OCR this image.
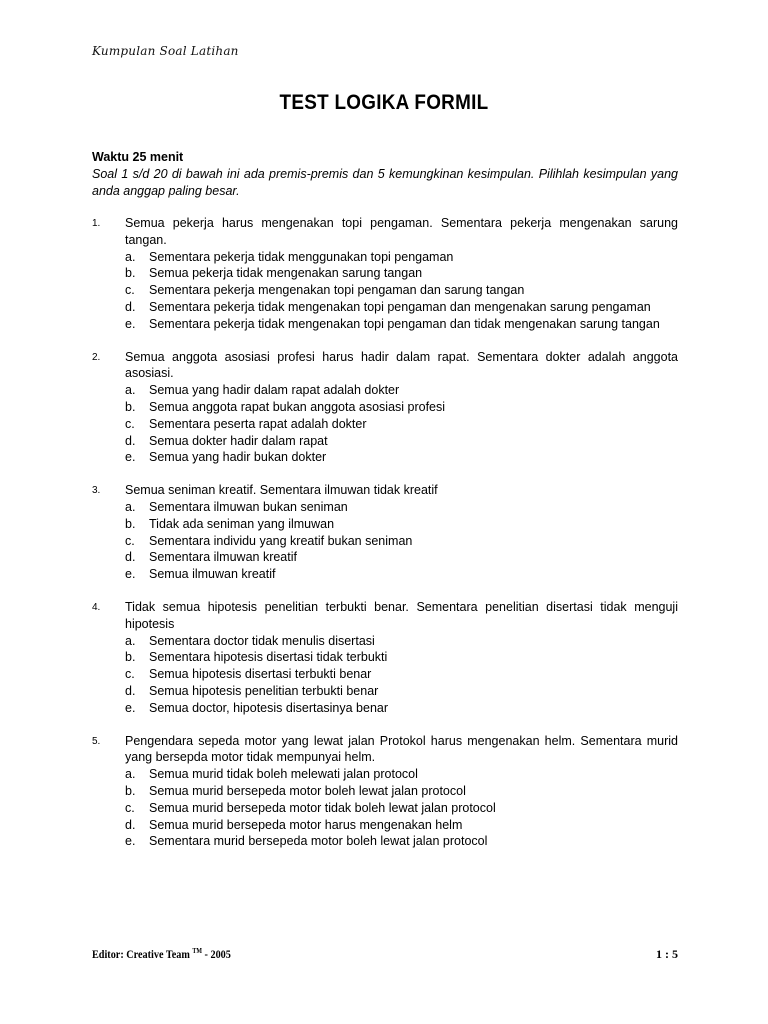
Kumpulan Soal Latihan
TEST LOGIKA FORMIL
Waktu 25 menit
Soal 1 s/d 20 di bawah ini ada premis-premis dan 5 kemungkinan kesimpulan. Pilihlah kesimpulan yang anda anggap paling besar.
1. Semua pekerja harus mengenakan topi pengaman. Sementara pekerja mengenakan sarung tangan.
a.	Sementara pekerja tidak menggunakan topi pengaman
b.	Semua pekerja tidak mengenakan sarung tangan
c.	Sementara pekerja mengenakan topi pengaman dan sarung tangan
d.	Sementara pekerja tidak mengenakan topi pengaman dan mengenakan sarung pengaman
e.	Sementara pekerja tidak mengenakan topi pengaman dan tidak mengenakan sarung tangan
2. Semua anggota asosiasi profesi harus hadir dalam rapat. Sementara dokter adalah anggota asosiasi.
a.	Semua yang hadir dalam rapat adalah dokter
b.	Semua anggota rapat bukan anggota asosiasi profesi
c.	Sementara peserta rapat adalah dokter
d.	Semua dokter hadir dalam rapat
e.	Semua yang hadir bukan dokter
3. Semua seniman kreatif. Sementara ilmuwan tidak kreatif
a.	Sementara ilmuwan bukan seniman
b.	Tidak ada seniman yang ilmuwan
c.	Sementara individu yang kreatif bukan seniman
d.	Sementara ilmuwan kreatif
e.	Semua ilmuwan kreatif
4. Tidak semua hipotesis penelitian terbukti benar. Sementara penelitian disertasi tidak menguji hipotesis
a.	Sementara doctor tidak menulis disertasi
b.	Sementara hipotesis disertasi tidak terbukti
c.	Semua hipotesis disertasi terbukti benar
d.	Semua hipotesis penelitian terbukti benar
e.	Semua doctor, hipotesis disertasinya benar
5. Pengendara sepeda motor yang lewat jalan Protokol harus mengenakan helm. Sementara murid yang bersepda motor tidak mempunyai helm.
a.	Semua murid tidak boleh melewati jalan protocol
b.	Semua murid bersepeda motor boleh lewat jalan protocol
c.	Semua murid bersepeda motor tidak boleh lewat jalan protocol
d.	Semua murid bersepeda motor harus mengenakan helm
e.	Sementara murid bersepeda motor boleh lewat jalan protocol
Editor: Creative Team ™ - 2005	1 : 5
